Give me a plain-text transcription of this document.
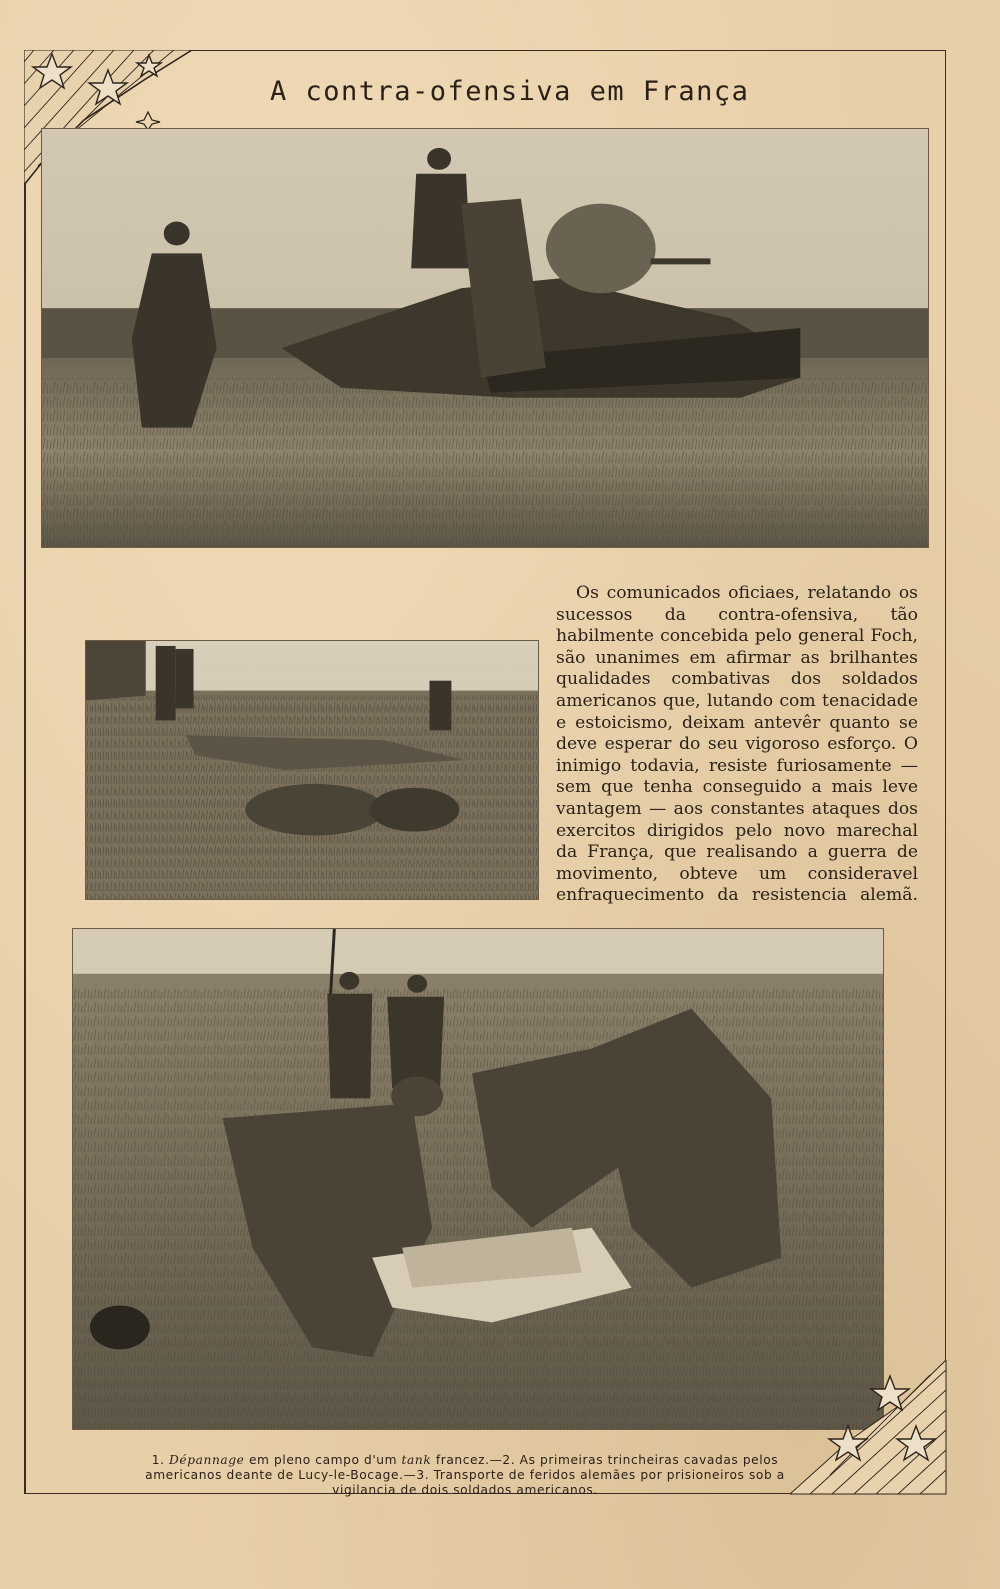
A contra-ofensiva em França

Os comunicados oficiaes, relatando os sucessos da contra-ofensiva, tão habilmente concebida pelo general Foch, são unanimes em afirmar as brilhantes qualidades combativas dos soldados americanos que, lutando com tenacidade e estoicismo, deixam antevêr quanto se deve esperar do seu vigoroso esforço. O inimigo todavia, resiste furiosamente — sem que tenha conseguido a mais leve vantagem — aos constantes ataques dos exercitos dirigidos pelo novo marechal da França, que realisando a guerra de movimento, obteve um consideravel enfraquecimento da resistencia alemã.

1. Dépannage em pleno campo d'um tank francez.—2. As primeiras trincheiras cavadas pelos americanos deante de Lucy-le-Bocage.—3. Transporte de feridos alemães por prisioneiros sob a vigilancia de dois soldados americanos.
